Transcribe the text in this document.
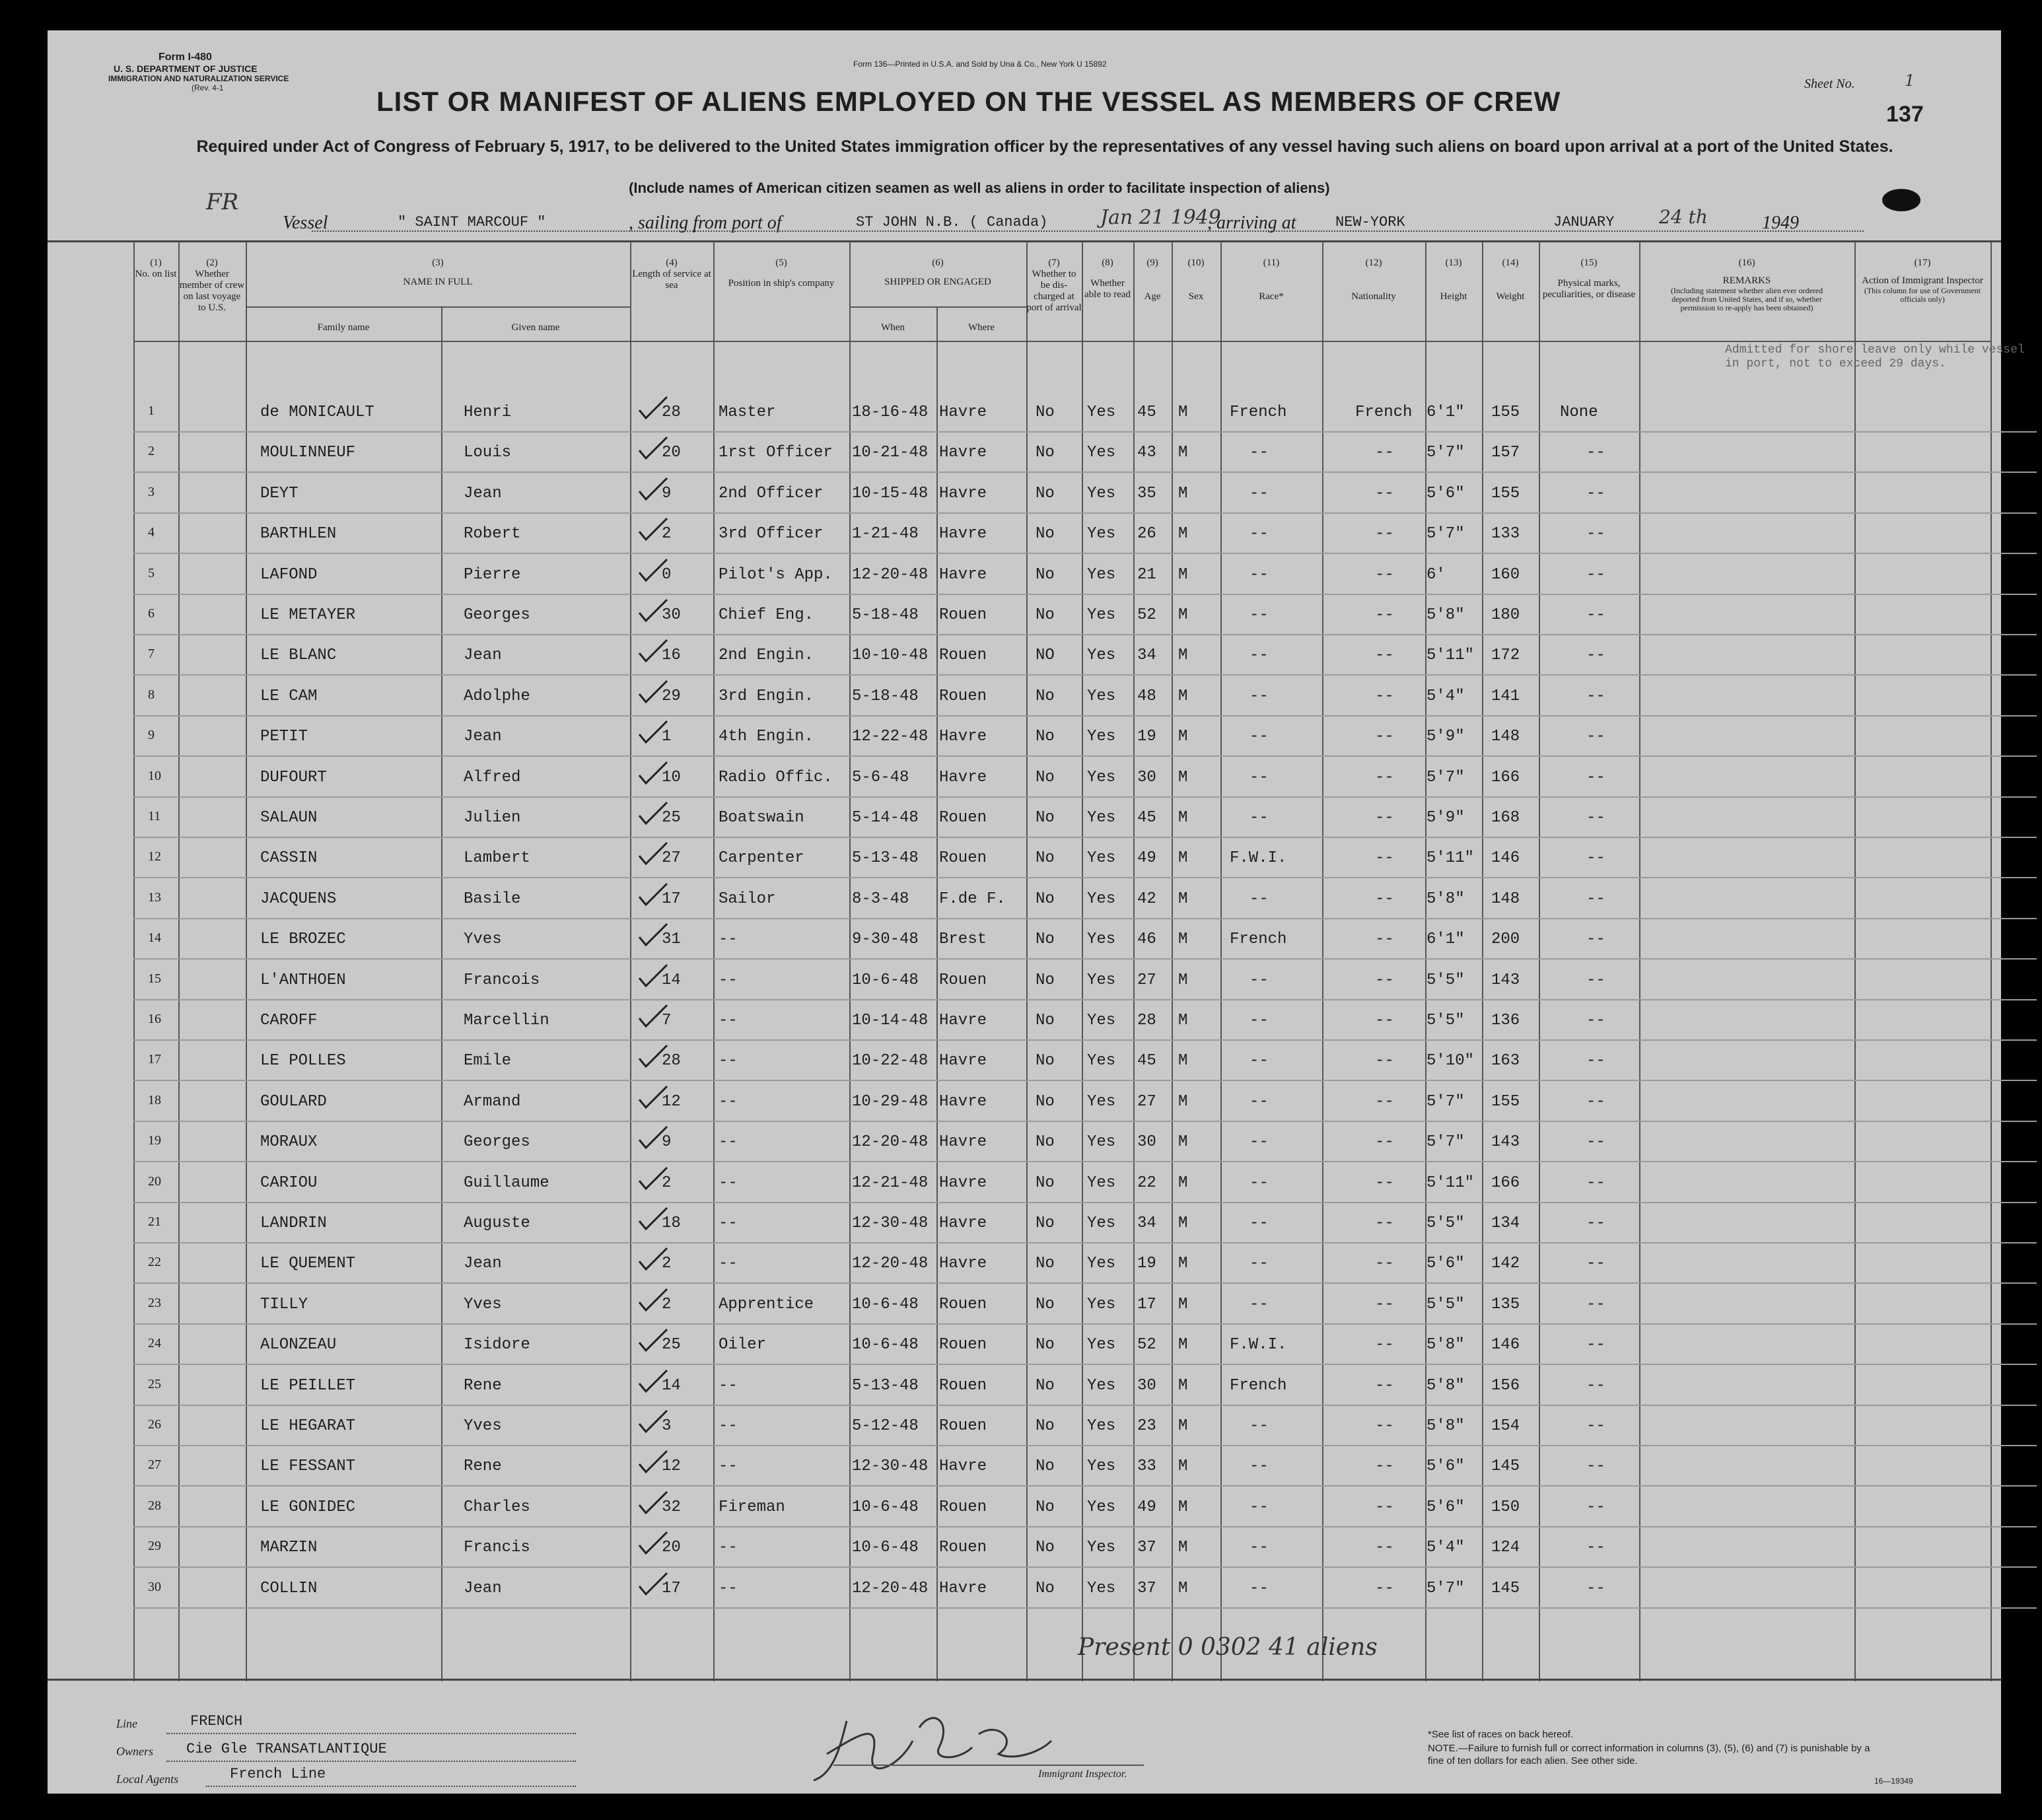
Form I-480
U. S. DEPARTMENT OF JUSTICE
IMMIGRATION AND NATURALIZATION SERVICE
(Rev. 4-1
Form 136—Printed in U.S.A. and Sold by Una & Co., New York U 15892
Sheet No.	1
137
LIST OR MANIFEST OF ALIENS EMPLOYED ON THE VESSEL AS MEMBERS OF CREW
Required under Act of Congress of February 5, 1917, to be delivered to the United States immigration officer by the representatives of any vessel having such aliens on board upon arrival at a port of the United States.
(Include names of American citizen seamen as well as aliens in order to facilitate inspection of aliens)
FR
Vessel	" SAINT MARCOUF "	, sailing from port of	ST JOHN N.B. ( Canada)	Jan 21 1949
, arriving at	NEW-YORK	JANUARY 24 th	1949
(1)
No. on list
(2)
Whether member of crew on last voyage to U.S.
(3)
NAME IN FULL
Family name	Given name
(4)
Length of service at sea
(5)
Position in ship's company
(6)
SHIPPED OR ENGAGED
When	Where
(7)
Whether to be dis-charged at port of arrival
(8)
Whether able to read
(9)
Age
(10)
Sex
(11)
Race*
(12)
Nationality
(13)
Height
(14)
Weight
(15)
Physical marks, peculiarities, or disease
(16)
REMARKS
(Including statement whether alien ever ordered deported from United States, and if so, whether permission to re-apply has been obtained)
(17)
Action of Immigrant Inspector
(This column for use of Government officials only)
Admitted for shore leave only while vessel in port, not to exceed 29 days.
1	de MONICAULT	Henri	28 Master	18-16-48 Havre	No Yes 45 M	French	French 6'1" 155	None
2	MOULINNEUF	Louis	20 1rst Officer 10-21-48 Havre	No Yes 43 M	--	-- 5'7" 157	--
3	DEYT	Jean	9	2nd Officer 10-15-48 Havre	No Yes 35 M	--	-- 5'6" 155	--
4	BARTHLEN	Robert	2	3rd Officer 1-21-48 Havre	No Yes 26 M	--	-- 5'7" 133	--
5	LAFOND	Pierre	0	Pilot's App. 12-20-48 Havre	No Yes 21 M	--	-- 6'	160	--
6	LE METAYER	Georges	30 Chief Eng. 5-18-48 Rouen	No Yes 52 M	--	-- 5'8" 180	--
7	LE BLANC	Jean	16 2nd Engin. 10-10-48 Rouen	NO Yes 34 M	--	-- 5'11" 172	--
8	LE CAM	Adolphe	29 3rd Engin. 5-18-48 Rouen	No Yes 48 M	--	-- 5'4" 141	--
9	PETIT	Jean	1	4th Engin. 12-22-48 Havre	No Yes 19 M	--	-- 5'9" 148	--
10	DUFOURT	Alfred	10 Radio Offic. 5-6-48 Havre	No Yes 30 M	--	-- 5'7" 166	--
11	SALAUN	Julien	25 Boatswain	5-14-48 Rouen	No Yes 45 M	--	-- 5'9" 168	--
12	CASSIN	Lambert	27 Carpenter	5-13-48 Rouen	No Yes 49 M	F.W.I.	-- 5'11" 146	--
13	JACQUENS	Basile	17 Sailor	8-3-48 F.de F. No Yes 42 M	--	-- 5'8" 148	--
14	LE BROZEC	Yves	31 --	9-30-48 Brest	No Yes 46 M	French	-- 6'1" 200	--
15	L'ANTHOEN	Francois	14 --	10-6-48 Rouen	No Yes 27 M	--	-- 5'5" 143	--
16	CAROFF	Marcellin	7	--	10-14-48 Havre	No Yes 28 M	--	-- 5'5" 136	--
17	LE POLLES	Emile	28 --	10-22-48 Havre	No Yes 45 M	--	-- 5'10" 163	--
18	GOULARD	Armand	12 --	10-29-48 Havre	No Yes 27 M	--	-- 5'7" 155	--
19	MORAUX	Georges	9	--	12-20-48 Havre	No Yes 30 M	--	-- 5'7" 143	--
20	CARIOU	Guillaume	2	--	12-21-48 Havre	No Yes 22 M	--	-- 5'11" 166	--
21	LANDRIN	Auguste	18 --	12-30-48 Havre	No Yes 34 M	--	-- 5'5" 134	--
22	LE QUEMENT	Jean	2	--	12-20-48 Havre	No Yes 19 M	--	-- 5'6" 142	--
23	TILLY	Yves	2	Apprentice 10-6-48 Rouen	No Yes 17 M	--	-- 5'5" 135	--
24	ALONZEAU	Isidore	25 Oiler	10-6-48 Rouen	No Yes 52 M	F.W.I.	-- 5'8" 146	--
25	LE PEILLET	Rene	14 --	5-13-48 Rouen	No Yes 30 M	French	-- 5'8" 156	--
26	LE HEGARAT	Yves	3	--	5-12-48 Rouen	No Yes 23 M	--	-- 5'8" 154	--
27	LE FESSANT	Rene	12 --	12-30-48 Havre	No Yes 33 M	--	-- 5'6" 145	--
28	LE GONIDEC	Charles	32 Fireman	10-6-48 Rouen	No Yes 49 M	--	-- 5'6" 150	--
29	MARZIN	Francis	20 --	10-6-48 Rouen	No Yes 37 M	--	-- 5'4" 124	--
30	COLLIN	Jean	17 --	12-20-48 Havre	No Yes 37 M	--	-- 5'7" 145	--
Present 0 0302 41 aliens
Line	FRENCH
Owners Cie Gle TRANSATLANTIQUE
Local Agents	French Line	Immigrant Inspector.
*See list of races on back hereof.
NOTE.—Failure to furnish full or correct information in columns (3), (5), (6) and (7) is punishable by a fine of ten dollars for each alien. See other side.
16—19349
